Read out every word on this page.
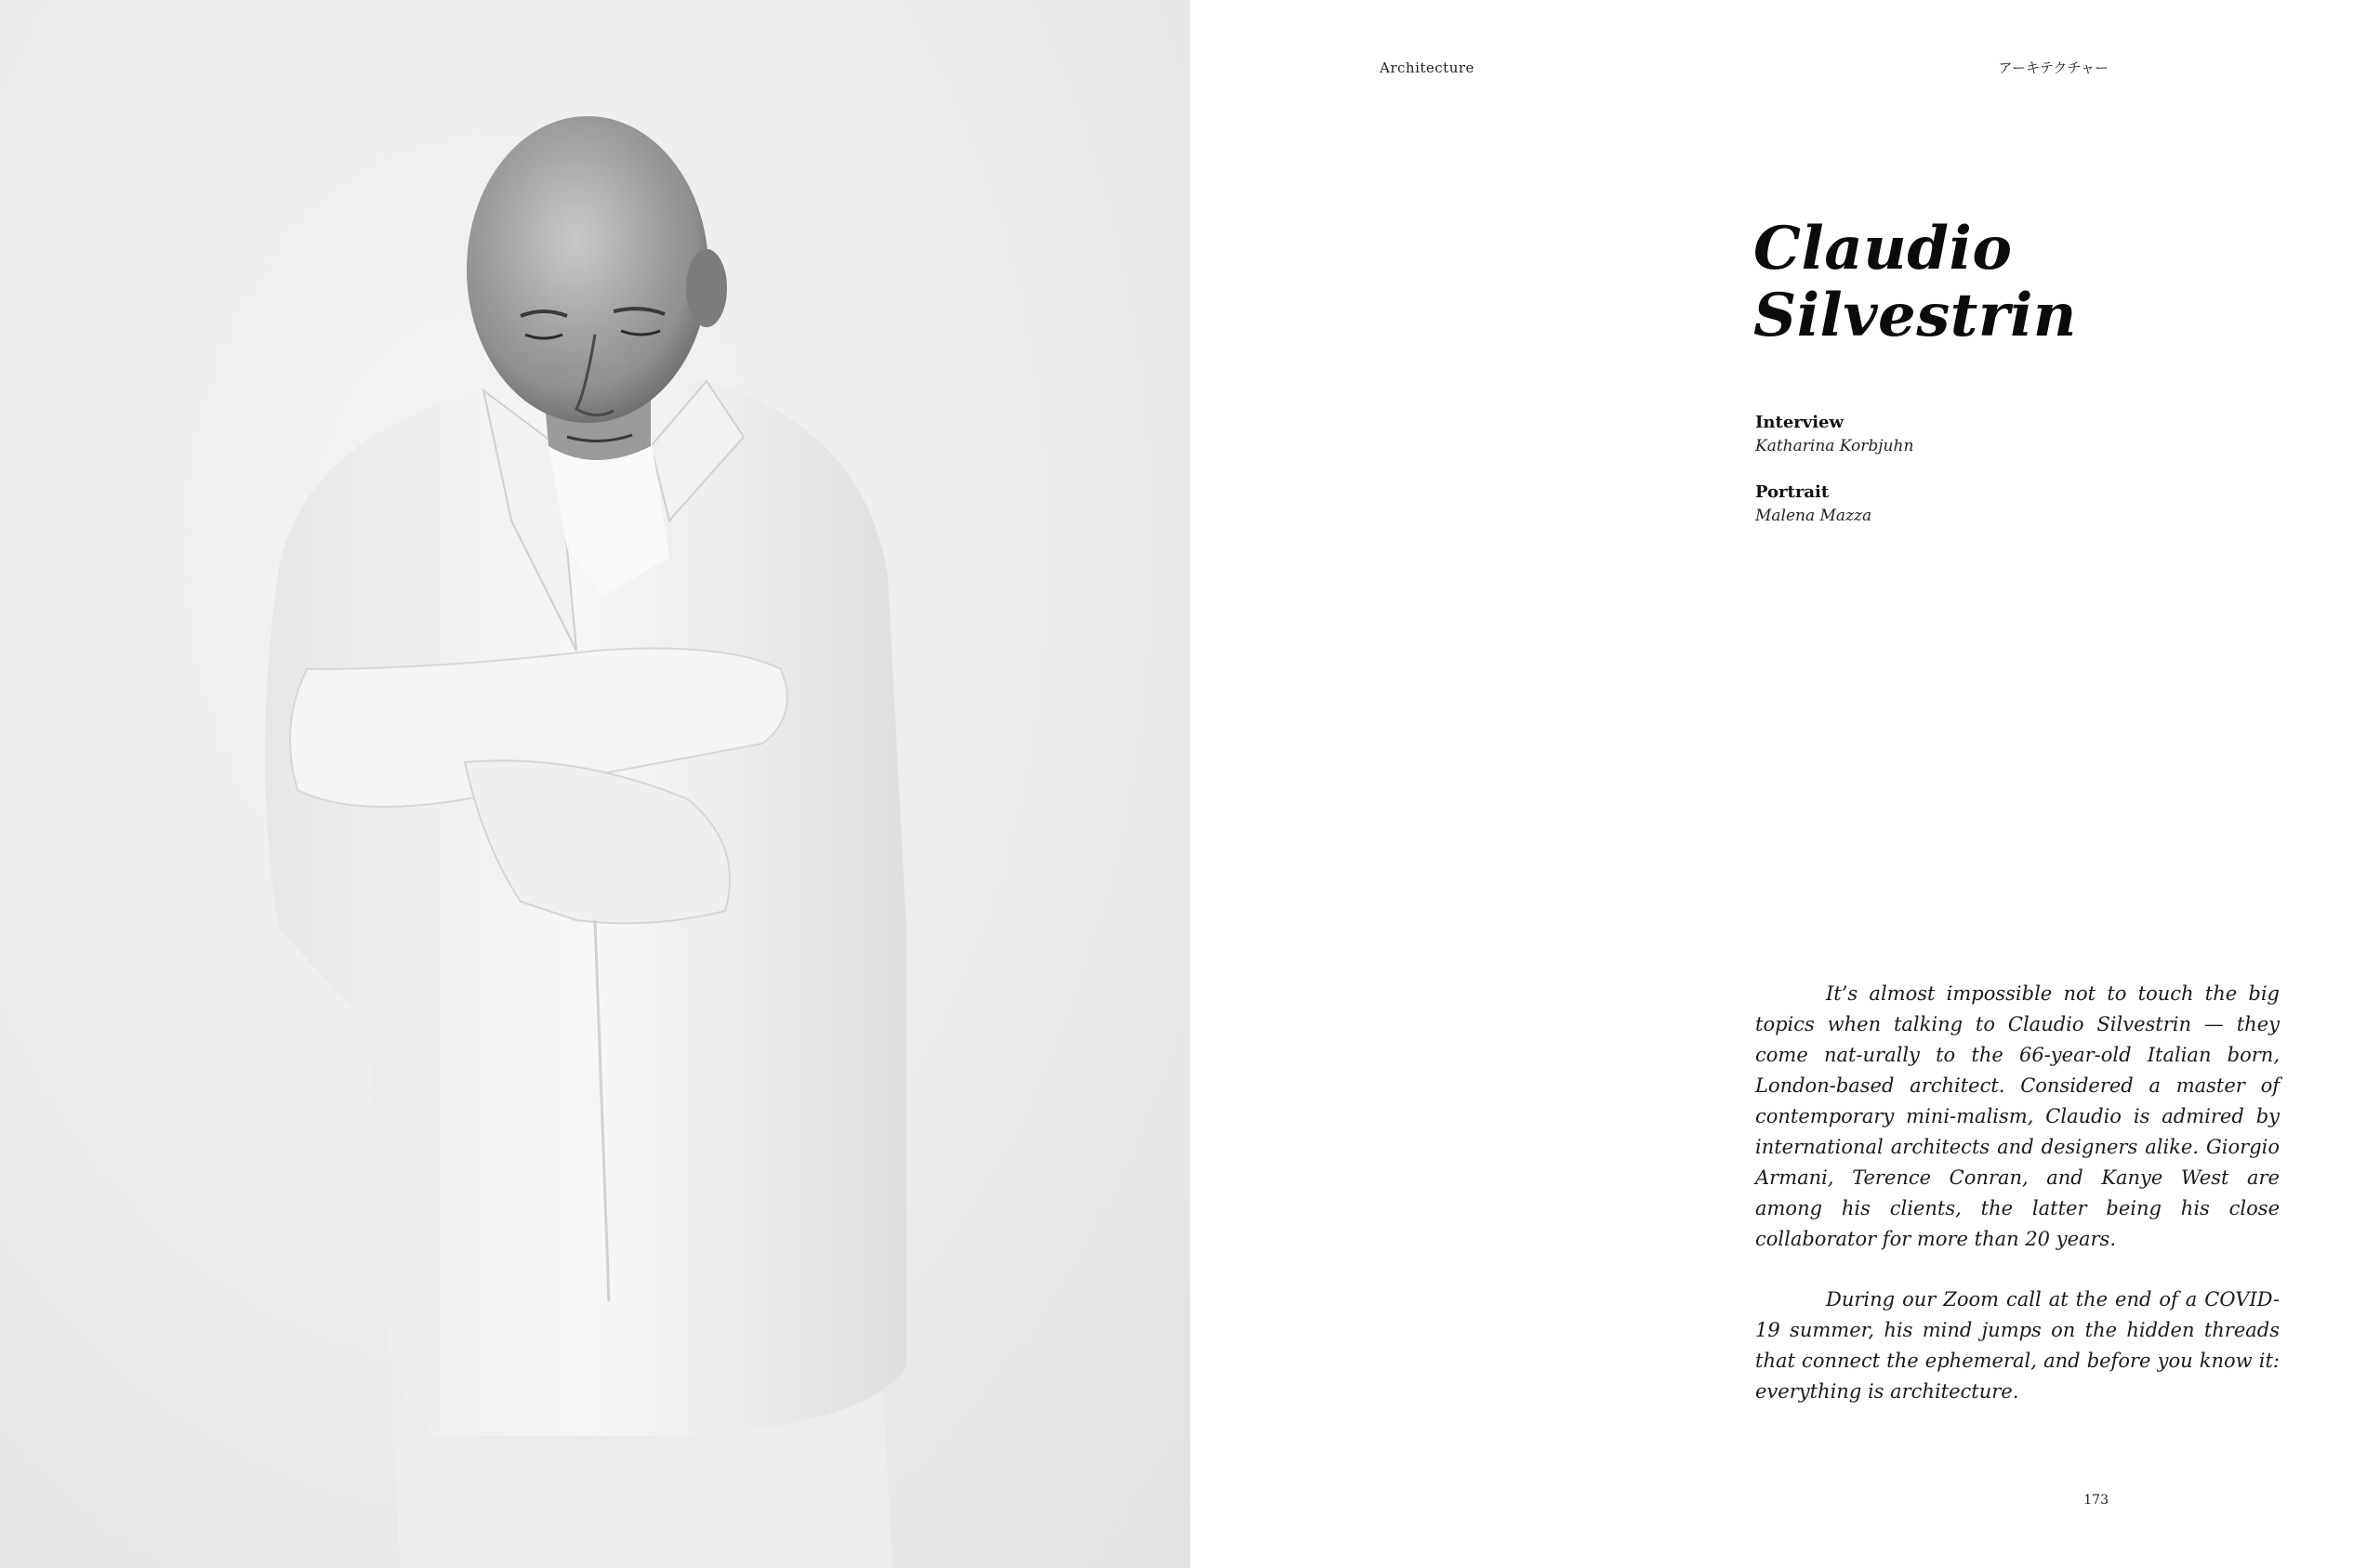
Architecture	アーキテクチャー
Claudio
Silvestrin
Interview
Katharina Korbjuhn
Portrait
Malena Mazza

It’s almost impossible not to touch the big topics when talking to Claudio Silvestrin — they come nat-urally to the 66-year-old Italian born, London-based architect. Considered a master of contemporary mini-malism, Claudio is admired by international architects and designers alike. Giorgio Armani, Terence Conran, and Kanye West are among his clients, the latter being his close collaborator for more than 20 years.

During our Zoom call at the end of a COVID-19 summer, his mind jumps on the hidden threads that connect the ephemeral, and before you know it: everything is architecture.

173
